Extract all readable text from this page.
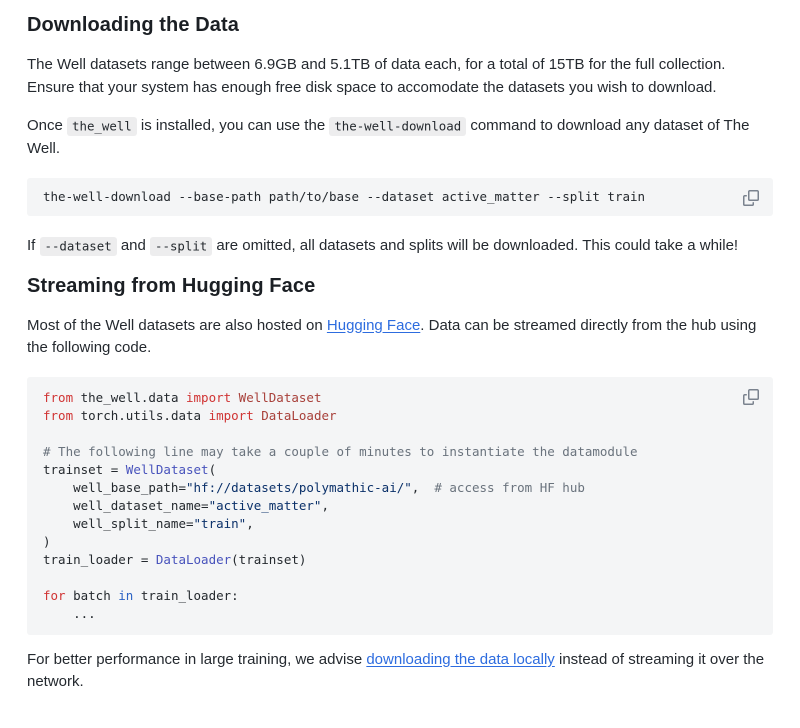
Downloading the Data

The Well datasets range between 6.9GB and 5.1TB of data each, for a total of 15TB for the full collection. Ensure that your system has enough free disk space to accomodate the datasets you wish to download.

Once the_well is installed, you can use the the-well-download command to download any dataset of The Well.

the-well-download --base-path path/to/base --dataset active_matter --split train

If --dataset and --split are omitted, all datasets and splits will be downloaded. This could take a while!

Streaming from Hugging Face

Most of the Well datasets are also hosted on Hugging Face. Data can be streamed directly from the hub using the following code.

from the_well.data import WellDataset
from torch.utils.data import DataLoader
# The following line may take a couple of minutes to instantiate the datamodule
trainset = WellDataset(
well_base_path="hf://datasets/polymathic-ai/",  # access from HF hub
well_dataset_name="active_matter",
well_split_name="train",
)
train_loader = DataLoader(trainset)
for batch in train_loader:
...

For better performance in large training, we advise downloading the data locally instead of streaming it over the network.
